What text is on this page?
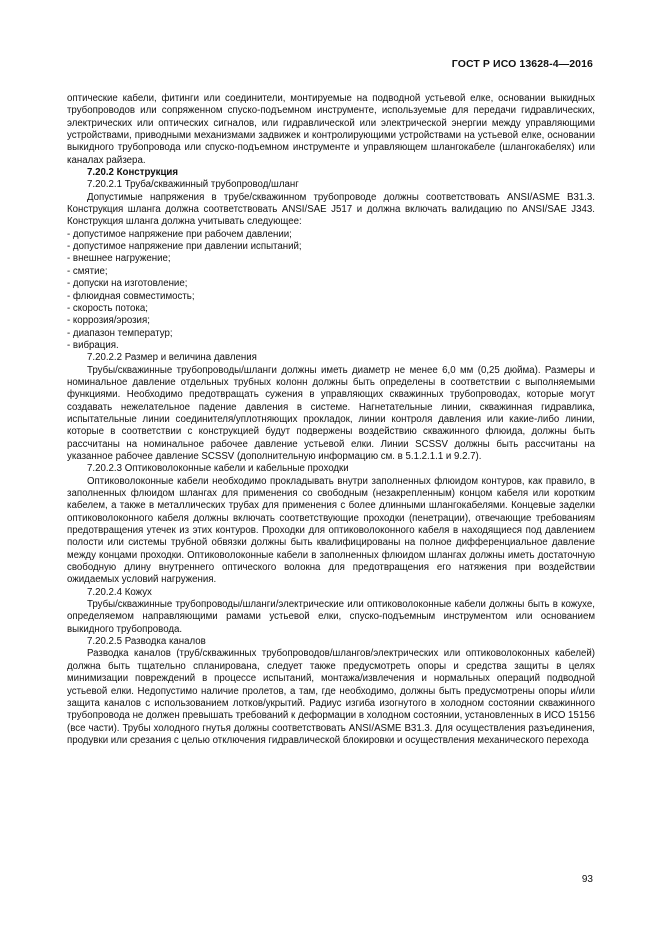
ГОСТ Р ИСО 13628-4—2016

оптические кабели, фитинги или соединители, монтируемые на подводной устьевой елке, основании выкидных трубопроводов или сопряженном спуско-подъемном инструменте, используемые для передачи гидравлических, электрических или оптических сигналов, или гидравлической или электрической энергии между управляющими устройствами, приводными механизмами задвижек и контролирующими устройствами на устьевой елке, основании выкидного трубопровода или спуско-подъемном инструменте и управляющем шлангокабеле (шлангокабелях) или каналах райзера.

7.20.2 Конструкция

7.20.2.1 Труба/скважинный трубопровод/шланг

Допустимые напряжения в трубе/скважинном трубопроводе должны соответствовать ANSI/ASME B31.3. Конструкция шланга должна соответствовать ANSI/SAE J517 и должна включать валидацию по ANSI/SAE J343. Конструкция шланга должна учитывать следующее:

- допустимое напряжение при рабочем давлении;

- допустимое напряжение при давлении испытаний;

- внешнее нагружение;

- смятие;

- допуски на изготовление;

- флюидная совместимость;

- скорость потока;

- коррозия/эрозия;

- диапазон температур;

- вибрация.

7.20.2.2 Размер и величина давления

Трубы/скважинные трубопроводы/шланги должны иметь диаметр не менее 6,0 мм (0,25 дюйма). Размеры и номинальное давление отдельных трубных колонн должны быть определены в соответствии с выполняемыми функциями. Необходимо предотвращать сужения в управляющих скважинных трубопроводах, которые могут создавать нежелательное падение давления в системе. Нагнетательные линии, скважинная гидравлика, испытательные линии соединителя/уплотняющих прокладок, линии контроля давления или какие-либо линии, которые в соответствии с конструкцией будут подвержены воздействию скважинного флюида, должны быть рассчитаны на номинальное рабочее давление устьевой елки. Линии SCSSV должны быть рассчитаны на указанное рабочее давление SCSSV (дополнительную информацию см. в 5.1.2.1.1 и 9.2.7).

7.20.2.3 Оптиковолоконные кабели и кабельные проходки

Оптиковолоконные кабели необходимо прокладывать внутри заполненных флюидом контуров, как правило, в заполненных флюидом шлангах для применения со свободным (незакрепленным) концом кабеля или коротким кабелем, а также в металлических трубах для применения с более длинными шлангокабелями. Концевые заделки оптиковолоконного кабеля должны включать соответствующие проходки (пенетрации), отвечающие требованиям предотвращения утечек из этих контуров. Проходки для оптиковолоконного кабеля в находящиеся под давлением полости или системы трубной обвязки должны быть квалифицированы на полное дифференциальное давление между концами проходки. Оптиковолоконные кабели в заполненных флюидом шлангах должны иметь достаточную свободную длину внутреннего оптического волокна для предотвращения его натяжения при воздействии ожидаемых условий нагружения.

7.20.2.4 Кожух

Трубы/скважинные трубопроводы/шланги/электрические или оптиковолоконные кабели должны быть в кожухе, определяемом направляющими рамами устьевой елки, спуско-подъемным инструментом или основанием выкидного трубопровода.

7.20.2.5 Разводка каналов

Разводка каналов (труб/скважинных трубопроводов/шлангов/электрических или оптиковолоконных кабелей) должна быть тщательно спланирована, следует также предусмотреть опоры и средства защиты в целях минимизации повреждений в процессе испытаний, монтажа/извлечения и нормальных операций подводной устьевой елки. Недопустимо наличие пролетов, а там, где необходимо, должны быть предусмотрены опоры и/или защита каналов с использованием лотков/укрытий. Радиус изгиба изогнутого в холодном состоянии скважинного трубопровода не должен превышать требований к деформации в холодном состоянии, установленных в ИСО 15156 (все части). Трубы холодного гнутья должны соответствовать ANSI/ASME B31.3. Для осуществления разъединения, продувки или срезания с целью отключения гидравлической блокировки и осуществления механического перехода

93
